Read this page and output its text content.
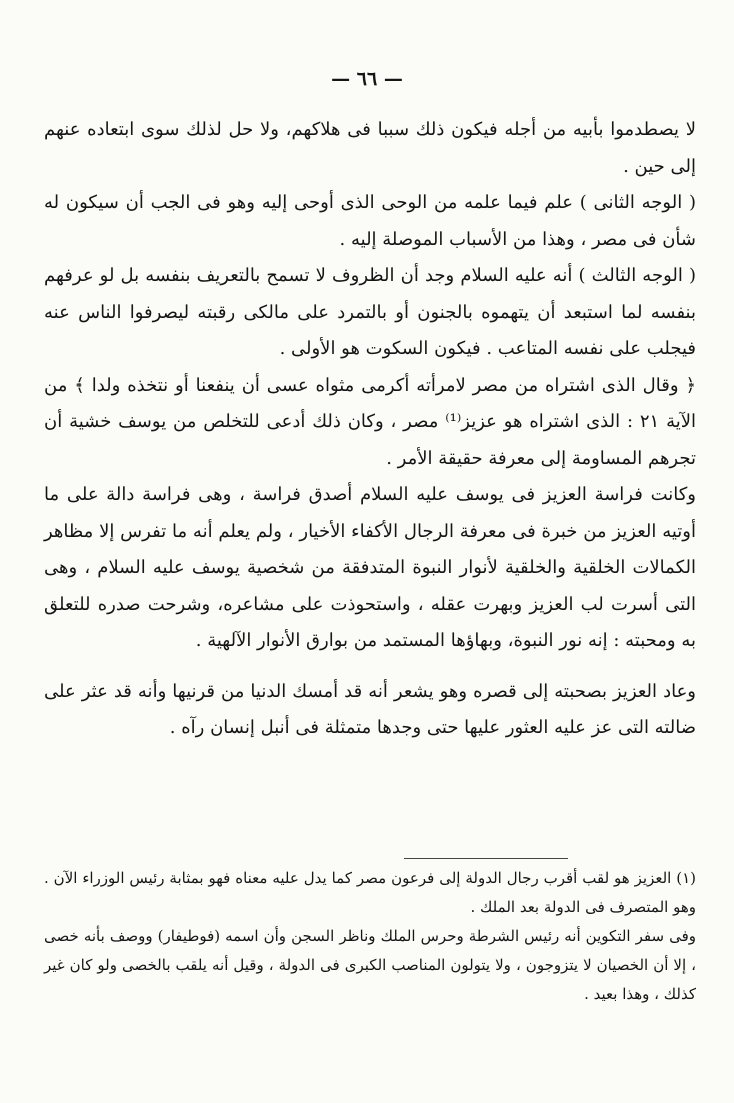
— ٦٦ —

لا يصطدموا بأبيه من أجله فيكون ذلك سببا فى هلاكهم، ولا حل لذلك سوى ابتعاده عنهم إلى حين .

( الوجه الثانى ) علم فيما علمه من الوحى الذى أوحى إليه وهو فى الجب أن سيكون له شأن فى مصر ، وهذا من الأسباب الموصلة إليه .

( الوجه الثالث ) أنه عليه السلام وجد أن الظروف لا تسمح بالتعريف بنفسه بل لو عرفهم بنفسه لما استبعد أن يتهموه بالجنون أو بالتمرد على مالكى رقبته ليصرفوا الناس عنه فيجلب على نفسه المتاعب . فيكون السكوت هو الأولى .

﴿ وقال الذى اشتراه من مصر لامرأته أكرمى مثواه عسى أن ينفعنا أو نتخذه ولدا ﴾ من الآية ٢١ : الذى اشتراه هو عزيز⁽¹⁾ مصر ، وكان ذلك أدعى للتخلص من يوسف خشية أن تجرهم المساومة إلى معرفة حقيقة الأمر .

وكانت فراسة العزيز فى يوسف عليه السلام أصدق فراسة ، وهى فراسة دالة على ما أوتيه العزيز من خبرة فى معرفة الرجال الأكفاء الأخيار ، ولم يعلم أنه ما تفرس إلا مظاهر الكمالات الخلقية والخلقية لأنوار النبوة المتدفقة من شخصية يوسف عليه السلام ، وهى التى أسرت لب العزيز وبهرت عقله ، واستحوذت على مشاعره، وشرحت صدره للتعلق به ومحبته : إنه نور النبوة، وبهاؤها المستمد من بوارق الأنوار الآلهية .

وعاد العزيز بصحبته إلى قصره وهو يشعر أنه قد أمسك الدنيا من قرنيها وأنه قد عثر على ضالته التى عز عليه العثور عليها حتى وجدها متمثلة فى أنبل إنسان رآه .

(١) العزيز هو لقب أقرب رجال الدولة إلى فرعون مصر كما يدل عليه معناه فهو بمثابة رئيس الوزراء الآن . وهو المتصرف فى الدولة بعد الملك .

وفى سفر التكوين أنه رئيس الشرطة وحرس الملك وناظر السجن وأن اسمه (فوطيفار) ووصف بأنه خصى ، إلا أن الخصيان لا يتزوجون ، ولا يتولون المناصب الكبرى فى الدولة ، وقيل أنه يلقب بالخصى ولو كان غير كذلك ، وهذا بعيد .
